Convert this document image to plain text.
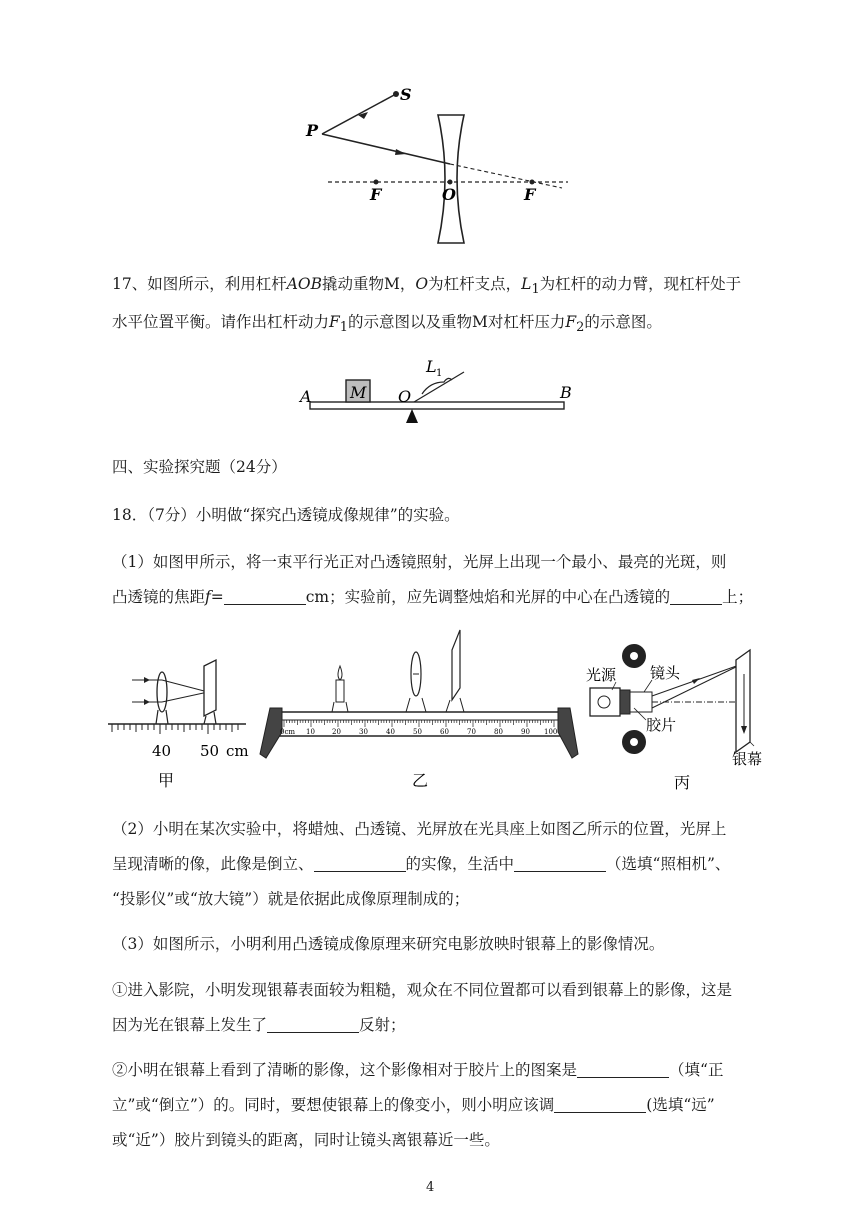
S
P
F	O	F
17、如图所示，利用杠杆AOB撬动重物M，O为杠杆支点，$L_1$为杠杆的动力臂，现杠杆处于
水平位置平衡。请作出杠杆动力$F_1$的示意图以及重物M对杠杆压力$F_2$的示意图。
A M O
L 1
B
四、实验探究题（24分）
18．（7分）小明做“探究凸透镜成像规律”的实验。
（1）如图甲所示，将一束平行光正对凸透镜照射，光屏上出现一个最小、最亮的光斑，则
凸透镜的焦距f=	cm；实验前，应先调整烛焰和光屏的中心在凸透镜的	上；
40 50 cm
甲
0cm 10 20	30	40	50	60	70	80	90 100
乙
光源 镜头
胶片
银幕
丙
（2）小明在某次实验中，将蜡烛、凸透镜、光屏放在光具座上如图乙所示的位置，光屏上
呈现清晰的像，此像是倒立、	的实像，生活中	（选填“照相机”、
“投影仪”或“放大镜”）就是依据此成像原理制成的；
（3）如图所示，小明利用凸透镜成像原理来研究电影放映时银幕上的影像情况。
①进入影院，小明发现银幕表面较为粗糙，观众在不同位置都可以看到银幕上的影像，这是
因为光在银幕上发生了	反射；
②小明在银幕上看到了清晰的影像，这个影像相对于胶片上的图案是	（填“正
立”或“倒立”）的。同时，要想使银幕上的像变小，则小明应该调	(选填“远”
或“近”）胶片到镜头的距离，同时让镜头离银幕近一些。
4
